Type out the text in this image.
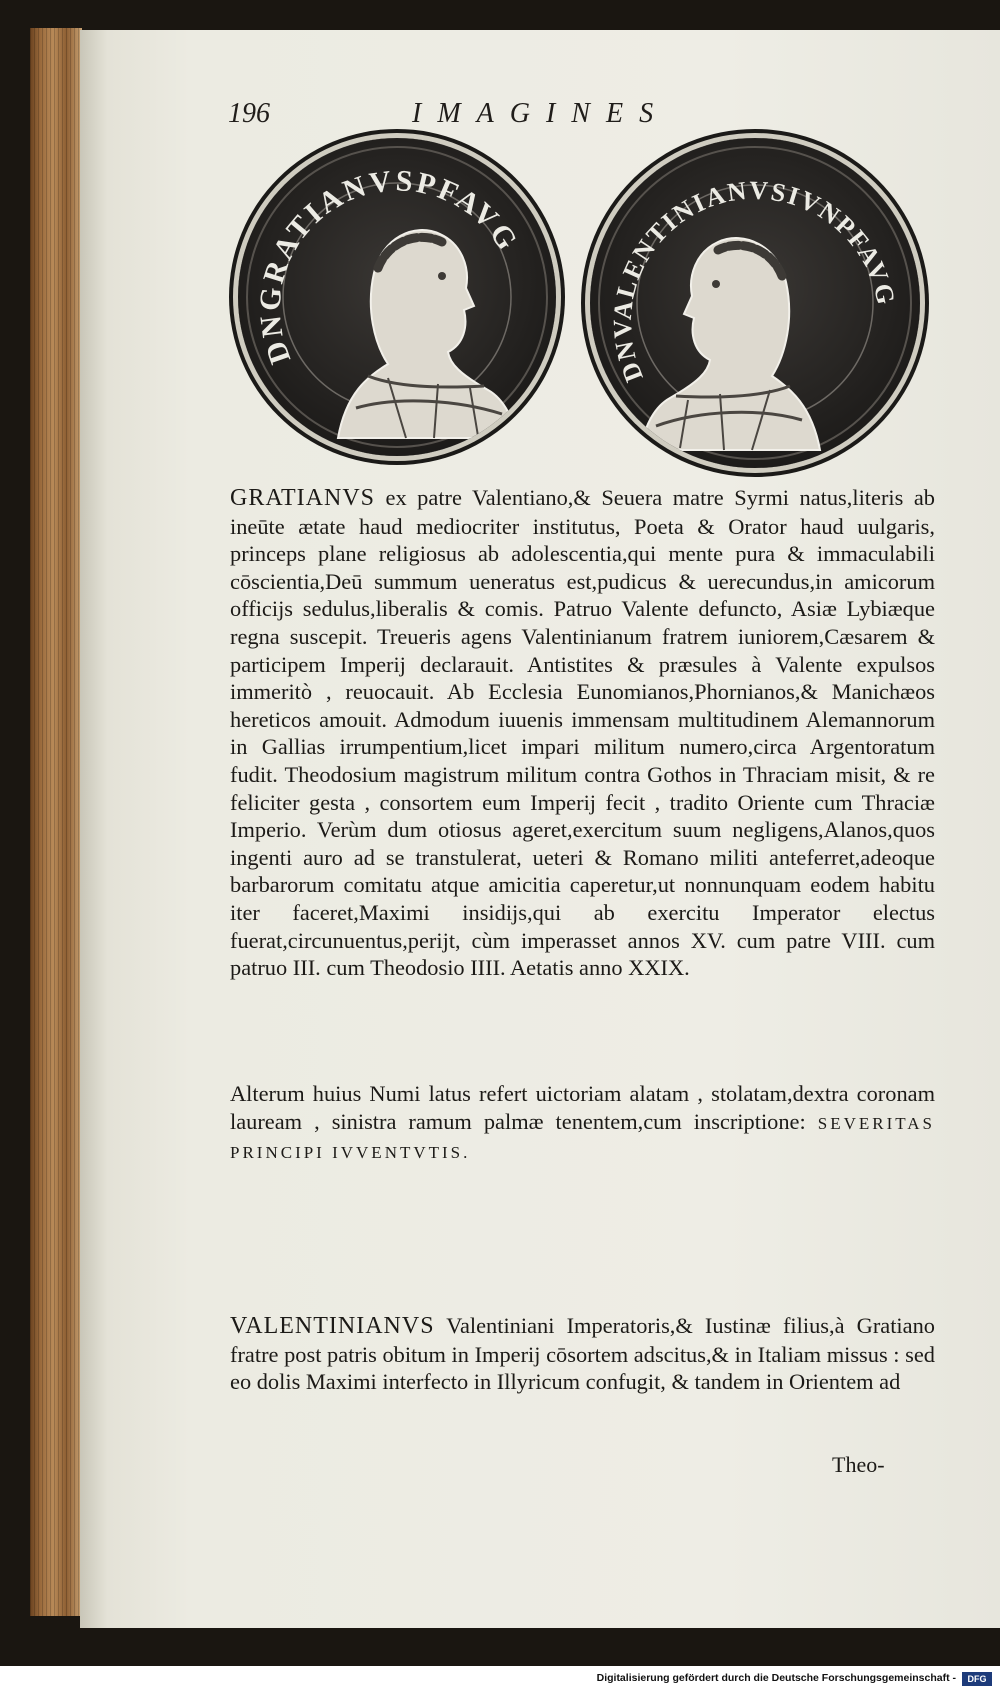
196	IMAGINES
DNGRATIANVSPFAVG
DNVALENTINIANVSIVNPFAVG

GRATIANVS ex patre Valentiano,& Seuera matre Syrmi natus,literis ab ineūte ætate haud mediocriter institutus, Poeta & Orator haud uulgaris, princeps plane religiosus ab adolescentia,qui mente pura & immaculabili cōscientia,Deū summum ueneratus est,pudicus & uerecundus,in amicorum officijs sedulus,liberalis & comis. Patruo Valente defuncto, Asiæ Lybiæque regna suscepit. Treueris agens Valentinianum fratrem iuniorem,Cæsarem & participem Imperij declarauit. Antistites & præsules à Valente expulsos immeritò , reuocauit. Ab Ecclesia Eunomianos,Phornianos,& Manichæos hereticos amouit. Admodum iuuenis immensam multitudinem Alemannorum in Gallias irrumpentium,licet impari militum numero,circa Argentoratum fudit. Theodosium magistrum militum contra Gothos in Thraciam misit, & re feliciter gesta , consortem eum Imperij fecit , tradito Oriente cum Thraciæ Imperio. Verùm dum otiosus ageret,exercitum suum negligens,Alanos,quos ingenti auro ad se transtulerat, ueteri & Romano militi anteferret,adeoque barbarorum comitatu atque amicitia caperetur,ut nonnunquam eodem habitu iter faceret,Maximi insidijs,qui ab exercitu Imperator electus fuerat,circunuentus,perijt, cùm imperasset annos XV. cum patre VIII. cum patruo III. cum Theodosio IIII. Aetatis anno XXIX.

Alterum huius Numi latus refert uictoriam alatam , stolatam,dextra coronam lauream , sinistra ramum palmæ tenentem,cum inscriptione: SEVERITAS PRINCIPI IVVENTVTIS.

VALENTINIANVS Valentiniani Imperatoris,& Iustinæ filius,à Gratiano fratre post patris obitum in Imperij cōsortem adscitus,& in Italiam missus : sed eo dolis Maximi interfecto in Illyricum confugit, & tandem in Orientem ad

Theo-
Digitalisierung gefördert durch die Deutsche Forschungsgemeinschaft -	DFG
